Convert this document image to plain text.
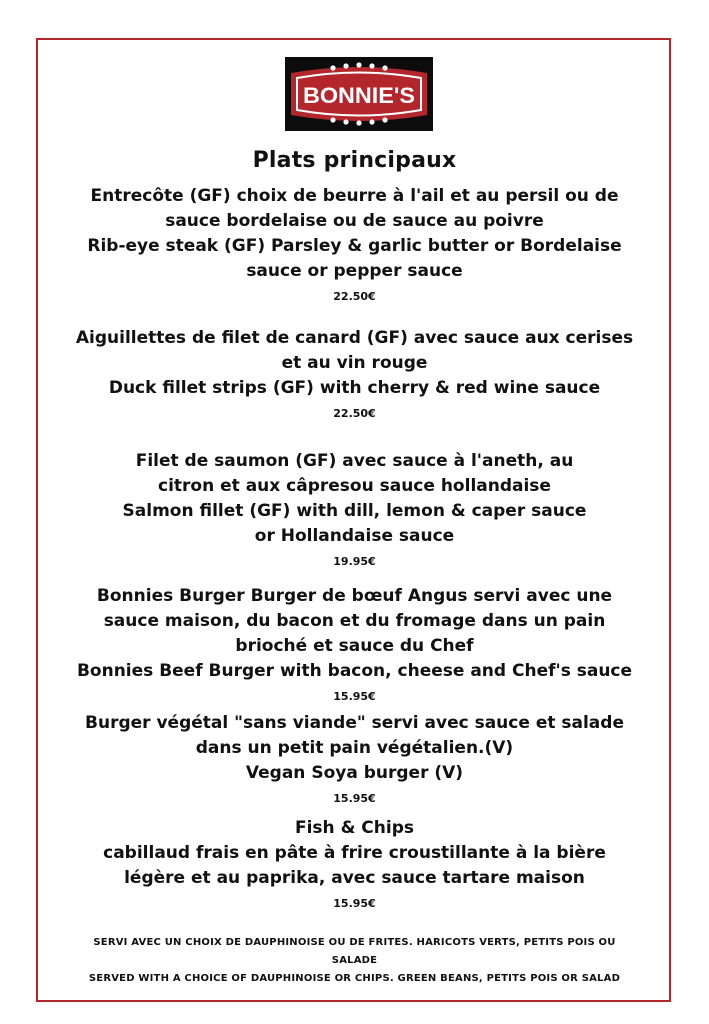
BONNIE'S
Plats principaux
Entrecôte (GF) choix de beurre à l'ail et au persil ou de
sauce bordelaise ou de sauce au poivre
Rib-eye steak (GF) Parsley & garlic butter or Bordelaise
sauce or pepper sauce
22.50€
Aiguillettes de filet de canard (GF) avec sauce aux cerises
et au vin rouge
Duck fillet strips (GF) with cherry & red wine sauce
22.50€
Filet de saumon (GF) avec sauce à l'aneth, au
citron et aux câpresou sauce hollandaise
Salmon fillet (GF) with dill, lemon & caper sauce
or Hollandaise sauce
19.95€
Bonnies Burger Burger de bœuf Angus servi avec une
sauce maison, du bacon et du fromage dans un pain
brioché et sauce du Chef
Bonnies Beef Burger with bacon, cheese and Chef's sauce
15.95€
Burger végétal "sans viande" servi avec sauce et salade
dans un petit pain végétalien.(V)
Vegan Soya burger (V)
15.95€
Fish & Chips
cabillaud frais en pâte à frire croustillante à la bière
légère et au paprika, avec sauce tartare maison
15.95€
SERVI AVEC UN CHOIX DE DAUPHINOISE OU DE FRITES. HARICOTS VERTS, PETITS POIS OU
SALADE
SERVED WITH A CHOICE OF DAUPHINOISE OR CHIPS. GREEN BEANS, PETITS POIS OR SALAD
